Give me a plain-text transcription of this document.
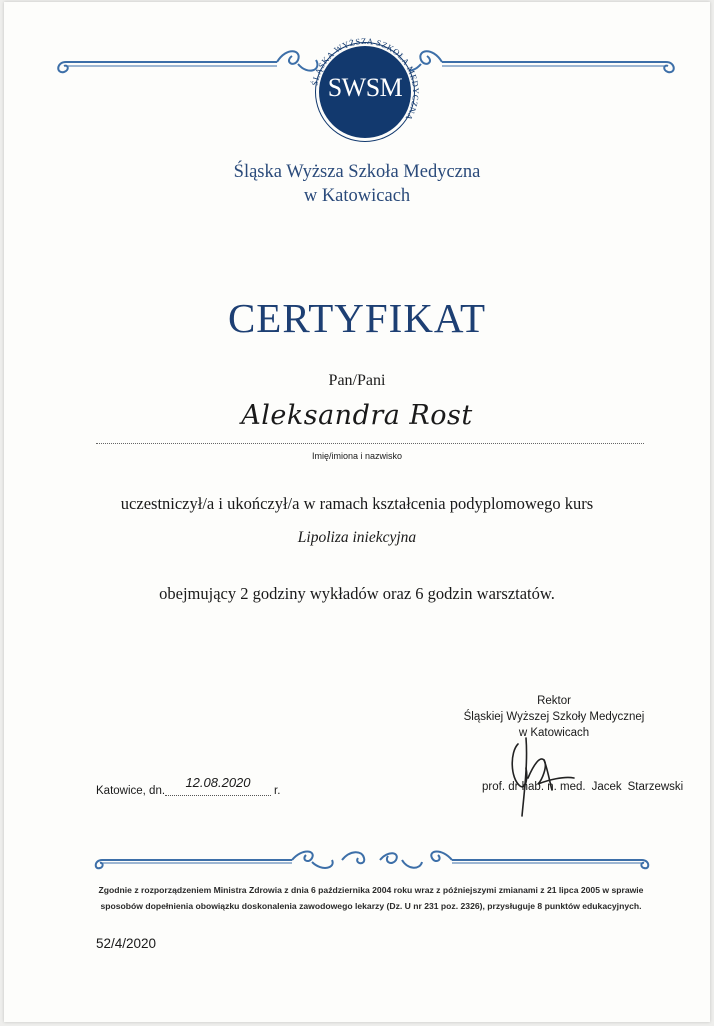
SWSM
ŚLĄSKA WYŻSZA SZKOŁA MEDYCZNA
Śląska Wyższa Szkoła Medyczna
w Katowicach
CERTYFIKAT
Pan/Pani
Aleksandra Rost
Imię/imiona i nazwisko
uczestniczył/a i ukończył/a w ramach kształcenia podyplomowego kurs
Lipoliza iniekcyjna
obejmujący 2 godziny wykładów oraz 6 godzin warsztatów.
Rektor
Śląskiej Wyższej Szkoły Medycznej
w Katowicach
prof. dr hab. n. med. Jacek Starzewski
Katowice, dn.
12.08.2020
r.
Zgodnie z rozporządzeniem Ministra Zdrowia z dnia 6 października 2004 roku wraz z późniejszymi zmianami z 21 lipca 2005 w sprawie
sposobów dopełnienia obowiązku doskonalenia zawodowego lekarzy (Dz. U nr 231 poz. 2326), przysługuje 8 punktów edukacyjnych.
52/4/2020
